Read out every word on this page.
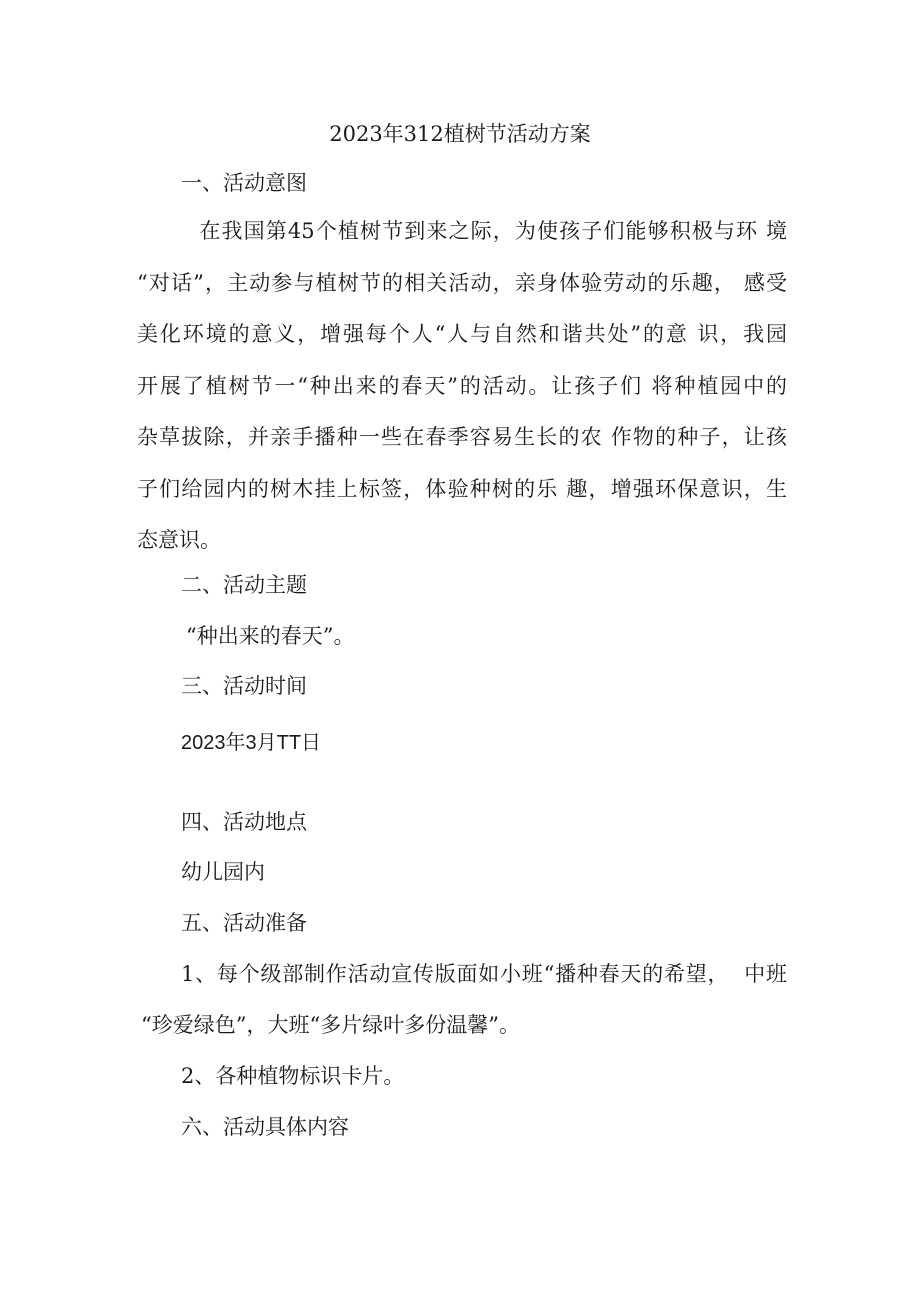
2023年312植树节活动方案
一、活动意图
在我国第45个植树节到来之际，为使孩子们能够积极与环 境
“对话”，主动参与植树节的相关活动，亲身体验劳动的乐趣， 感受
美化环境的意义，增强每个人“人与自然和谐共处”的意 识，我园
开展了植树节一“种出来的春天”的活动。让孩子们 将种植园中的
杂草拔除，并亲手播种一些在春季容易生长的农 作物的种子，让孩
子们给园内的树木挂上标签，体验种树的乐 趣，增强环保意识，生
态意识。
二、活动主题
“种出来的春天”。
三、活动时间
2023年3月TT日
四、活动地点
幼儿园内
五、活动准备
1、每个级部制作活动宣传版面如小班“播种春天的希望，  中班
“珍爱绿色”，大班“多片绿叶多份温馨”。
2、各种植物标识卡片。
六、活动具体内容
